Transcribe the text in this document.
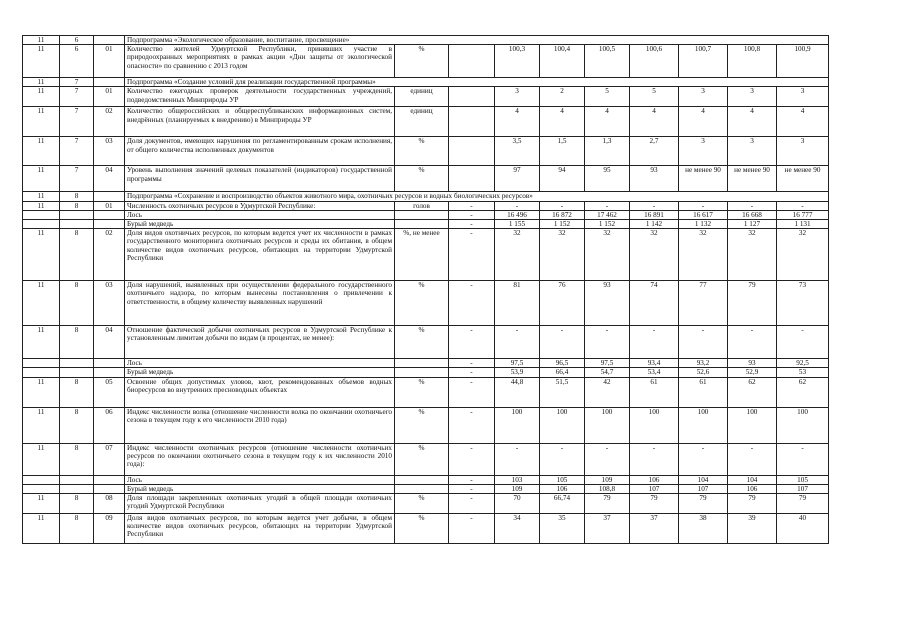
11	6		Подпрограмма «Экологическое образование, воспитание, просвещение»										
11	6	01	Количество жителей Удмуртской Республики, принявших участие в природоохранных мероприятиях в рамках акции «Дни защиты от экологической опасности» по сравнению с 2013 годом	%		100,3	100,4	100,5	100,6	100,7	100,8	100,9	
11	7		Подпрограмма «Создание условий для реализации государственной программы»										
11	7	01	Количество ежегодных проверок деятельности государственных учреждений, подведомственных Минприроды УР	единиц		3	2	5	5	3	3	3	
11	7	02	Количество общероссийских и общереспубликанских информационных систем, внедрённых (планируемых к внедрению) в Минприроды УР	единиц		4	4	4	4	4	4	4	
11	7	03	Доля документов, имеющих нарушения по регламентированным срокам исполнения, от общего количества исполненных документов	%		3,5	1,5	1,3	2,7	3	3	3	
11	7	04	Уровень выполнения значений целевых показателей (индикаторов) государственной программы	%		97	94	95	93	не менее 90	не менее 90	не менее 90	
11	8		Подпрограмма «Сохранение и воспроизводство объектов животного мира, охотничьих ресурсов и водных биологических ресурсов»										
11	8	01	Численность охотничьих ресурсов в Удмуртской Республике:	голов	-	-	-	-	-	-	-	-	
			Лось		-	16 496	16 872	17 462	16 891	16 617	16 668	16 777	
			Бурый медведь		-	1 155	1 152	1 152	1 142	1 132	1 127	1 131	
11	8	02	Доля видов охотничьих ресурсов, по которым ведется учет их численности в рамках государственного мониторинга охотничьих ресурсов и среды их обитания, в общем количестве видов охотничьих ресурсов, обитающих на территории Удмуртской Республики	%, не менее	-	32	32	32	32	32	32	32	
11	8	03	Доля нарушений, выявленных при осуществлении федерального государственного охотничьего надзора, по которым вынесены постановления о привлечении к ответственности, в общему количеству выявленных нарушений	%	-	81	76	93	74	77	79	73	
11	8	04	Отношение фактической добычи охотничьих ресурсов в Удмуртской Республике к установленным лимитам добычи по видам (в процентах, не менее):	%	-	-	-	-	-	-	-	-	
			Лось		-	97,5	96,5	97,5	93,4	93,2	93	92,5	
			Бурый медведь		-	53,9	66,4	54,7	53,4	52,6	52,9	53	
11	8	05	Освоение общих допустимых уловов, квот, рекомендованных объемов водных биоресурсов во внутренних пресноводных объектах	%	-	44,8	51,5	42	61	61	62	62	
11	8	06	Индекс численности волка (отношение численности волка по окончании охотничьего сезона в текущем году к его численности 2010 года)	%	-	100	100	100	100	100	100	100	
11	8	07	Индекс численности охотничьих ресурсов (отношение численности охотничьих ресурсов по окончании охотничьего сезона в текущем году к их численности 2010 года):	%	-	-	-	-	-	-	-	-	
			Лось		-	103	105	109	106	104	104	105	
			Бурый медведь		-	109	106	108,8	107	107	106	107	
11	8	08	Доля площади закрепленных охотничьих угодий в общей площади охотничьих угодий Удмуртской Республики	%	-	70	66,74	79	79	79	79	79	
11	8	09	Доля видов охотничьих ресурсов, по которым ведется учет добычи, в общем количестве видов охотничьих ресурсов, обитающих на территории Удмуртской Республики	%	-	34	35	37	37	38	39	40	
